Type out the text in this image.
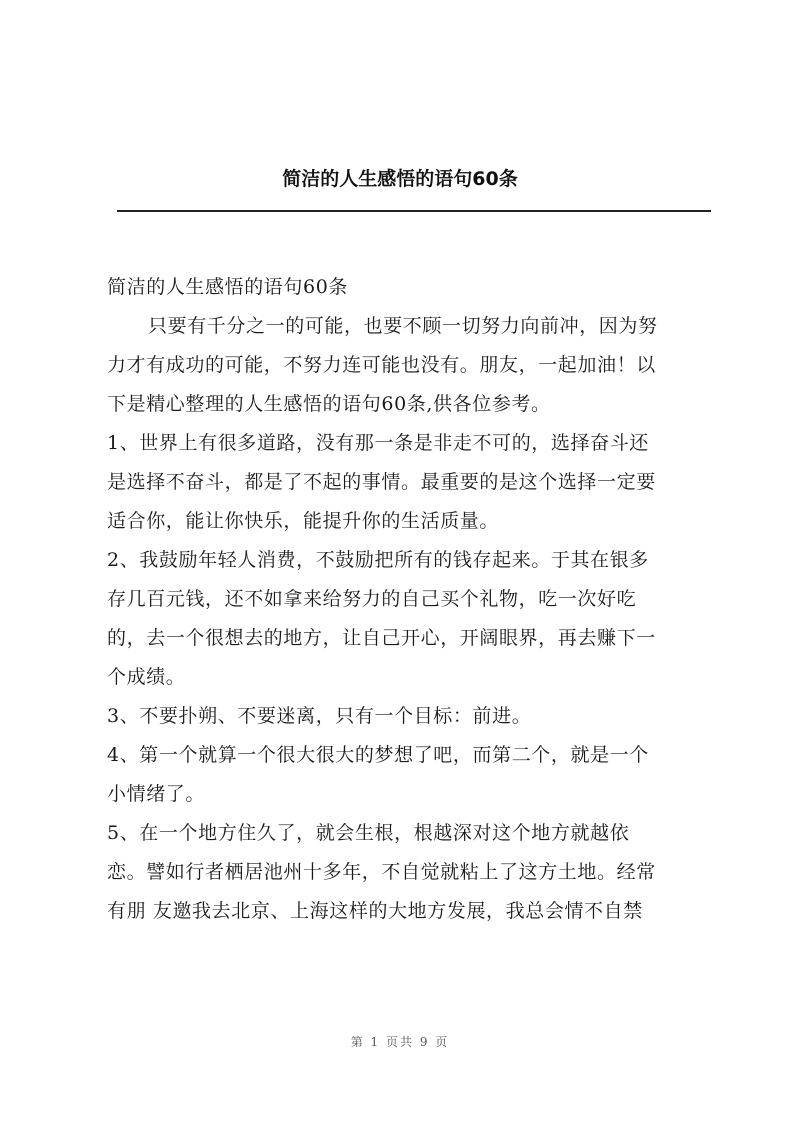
简洁的人生感悟的语句60条
简洁的人生感悟的语句60条
只要有千分之一的可能，也要不顾一切努力向前冲，因为努
力才有成功的可能，不努力连可能也没有。朋友，一起加油！以
下是精心整理的人生感悟的语句60条,供各位参考。
1、世界上有很多道路，没有那一条是非走不可的，选择奋斗还
是选择不奋斗，都是了不起的事情。最重要的是这个选择一定要
适合你，能让你快乐，能提升你的生活质量。
2、我鼓励年轻人消费，不鼓励把所有的钱存起来。于其在银多
存几百元钱，还不如拿来给努力的自己买个礼物，吃一次好吃
的，去一个很想去的地方，让自己开心，开阔眼界，再去赚下一
个成绩。
3、不要扑朔、不要迷离，只有一个目标：前进。
4、第一个就算一个很大很大的梦想了吧，而第二个，就是一个
小情绪了。
5、在一个地方住久了，就会生根，根越深对这个地方就越依
恋。譬如行者栖居池州十多年，不自觉就粘上了这方土地。经常
有朋 友邀我去北京、上海这样的大地方发展，我总会情不自禁
第 1 页共 9 页
